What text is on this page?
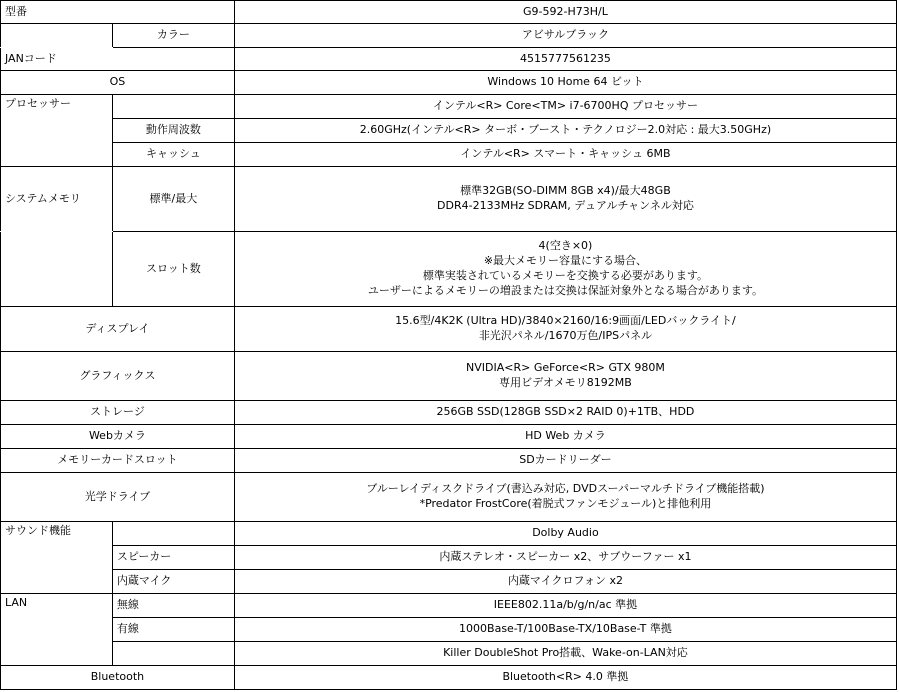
型番		G9-592-H73H/L
	カラー	アビサルブラック
JANコード		4515777561235
OS		Windows 10 Home 64 ビット
プロセッサー		インテル<R> Core<TM> i7-6700HQ プロセッサー
	動作周波数	2.60GHz(インテル<R> ターボ・ブースト・テクノロジー2.0対応 : 最大3.50GHz)
	キャッシュ	インテル<R> スマート・キャッシュ 6MB
システムメモリ	標準/最大	標準32GB(SO-DIMM 8GB x4)/最大48GB
DDR4-2133MHz SDRAM, デュアルチャンネル対応

	スロット数	4(空き×0)
※最大メモリー容量にする場合、
標準実装されているメモリーを交換する必要があります。
ユーザーによるメモリーの増設または交換は保証対象外となる場合があります。

ディスプレイ		15.6型/4K2K (Ultra HD)/3840×2160/16:9画面/LEDバックライト/
非光沢パネル/1670万色/IPSパネル

グラフィックス		NVIDIA<R> GeForce<R> GTX 980M
専用ビデオメモリ8192MB

ストレージ		256GB SSD(128GB SSD×2 RAID 0)+1TB、HDD
Webカメラ		HD Web カメラ
メモリーカードスロット		SDカードリーダー
光学ドライブ		ブルーレイディスクドライブ(書込み対応, DVDスーパーマルチドライブ機能搭載)
*Predator FrostCore(着脱式ファンモジュール)と排他利用

サウンド機能		Dolby Audio
	スピーカー	内蔵ステレオ・スピーカー x2、サブウーファー x1
	内蔵マイク	内蔵マイクロフォン x2
LAN	無線	IEEE802.11a/b/g/n/ac 準拠
	有線	1000Base-T/100Base-TX/10Base-T 準拠
		Killer DoubleShot Pro搭載、Wake-on-LAN対応
Bluetooth		Bluetooth<R> 4.0 準拠
